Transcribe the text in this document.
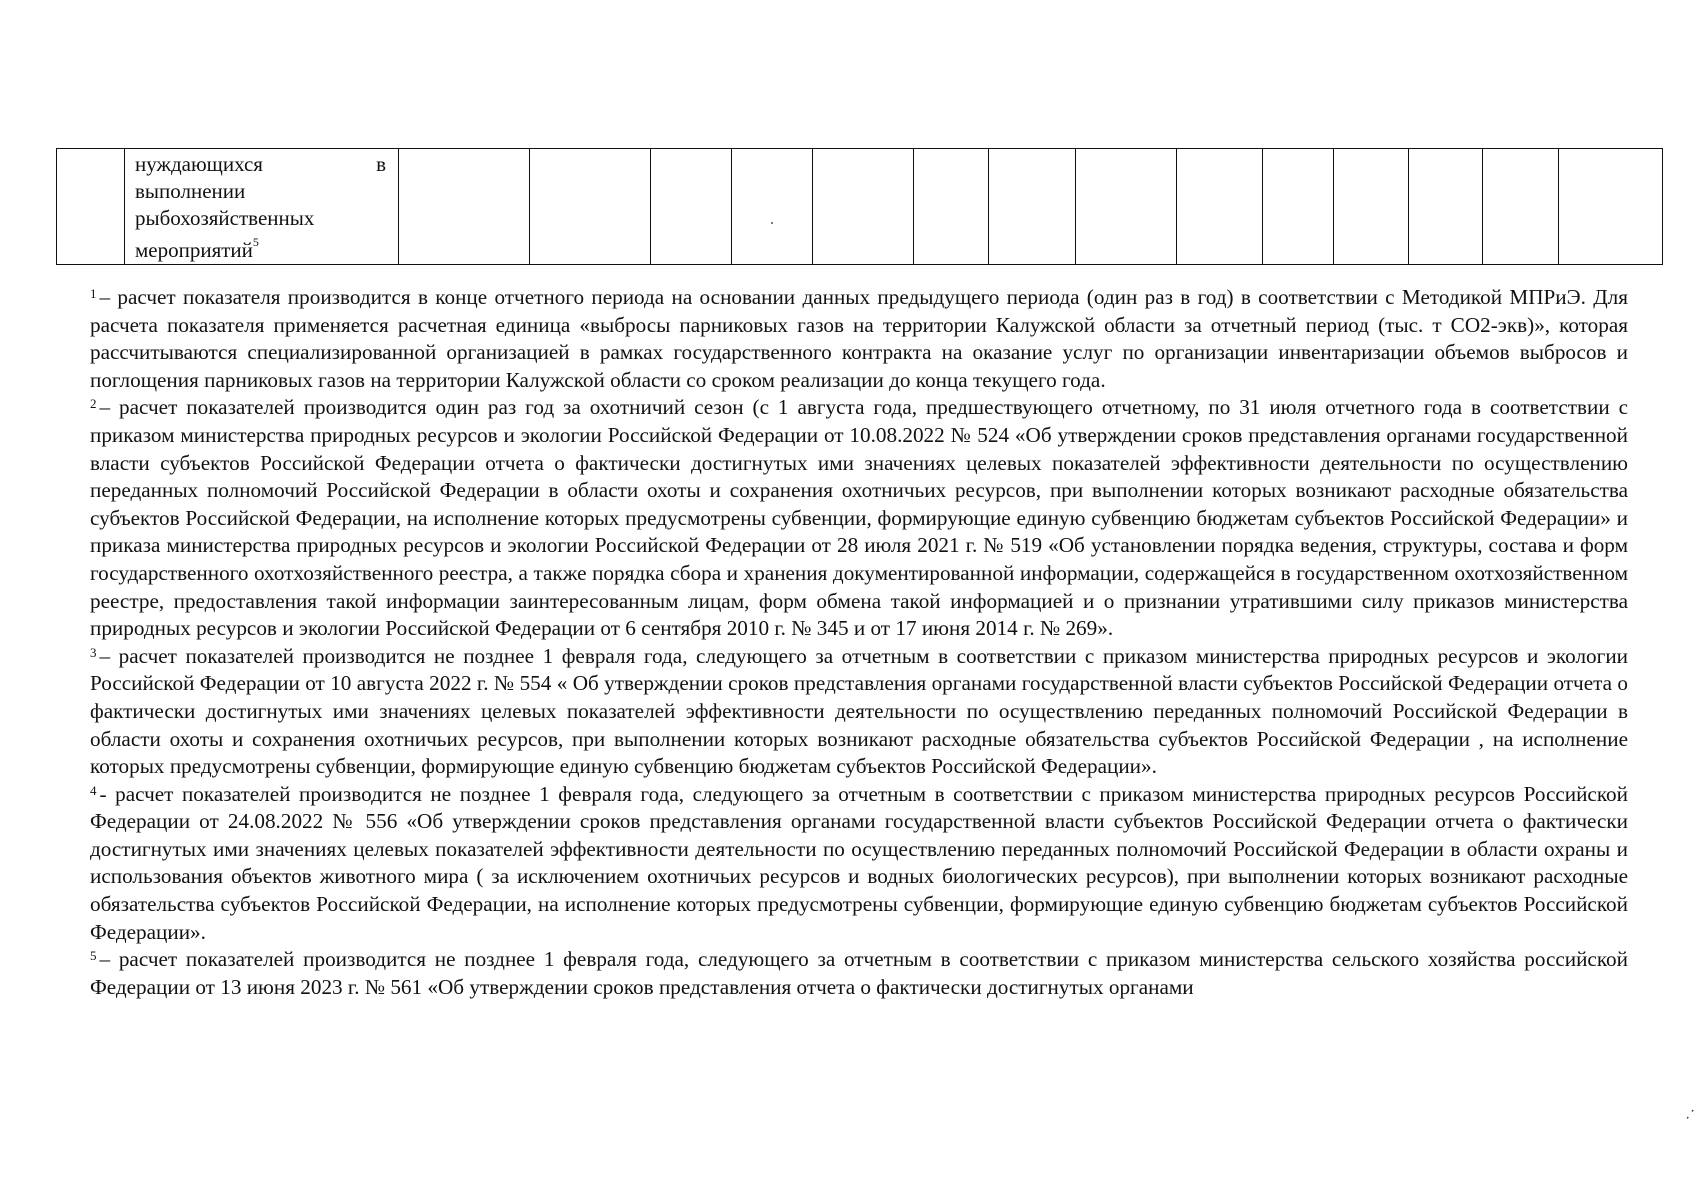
нуждающихся	в
выполнении
рыбохозяйственных
мероприятий$^5$

$^1$ – расчет показателя производится в конце отчетного периода на основании данных предыдущего периода (один раз в год) в соответствии с Методикой МПРиЭ. Для расчета показателя применяется расчетная единица «выбросы парниковых газов на территории Калужской области за отчетный период (тыс. т СО2-экв)», которая рассчитываются специализированной организацией в рамках государственного контракта на оказание услуг по организации инвентаризации объемов выбросов и поглощения парниковых газов на территории Калужской области со сроком реализации до конца текущего года.

$^2$ – расчет показателей производится один раз год за охотничий сезон (с 1 августа года, предшествующего отчетному, по 31 июля отчетного года в соответствии с приказом министерства природных ресурсов и экологии Российской Федерации от 10.08.2022 № 524 «Об утверждении сроков представления органами государственной власти субъектов Российской Федерации отчета о фактически достигнутых ими значениях целевых показателей эффективности деятельности по осуществлению переданных полномочий Российской Федерации в области охоты и сохранения охотничьих ресурсов, при выполнении которых возникают расходные обязательства субъектов Российской Федерации, на исполнение которых предусмотрены субвенции, формирующие единую субвенцию бюджетам субъектов Российской Федерации» и приказа министерства природных ресурсов и экологии Российской Федерации от 28 июля 2021 г. № 519 «Об установлении порядка ведения, структуры, состава и форм государственного охотхозяйственного реестра, а также порядка сбора и хранения документированной информации, содержащейся в государственном охотхозяйственном реестре, предоставления такой информации заинтересованным лицам, форм обмена такой информацией и о признании утратившими силу приказов министерства природных ресурсов и экологии Российской Федерации от 6 сентября 2010 г. № 345 и от 17 июня 2014 г. № 269».

$^3$ – расчет показателей производится не позднее 1 февраля года, следующего за отчетным в соответствии с приказом министерства природных ресурсов и экологии Российской Федерации от 10 августа 2022 г. № 554 « Об утверждении сроков представления органами государственной власти субъектов Российской Федерации отчета о фактически достигнутых ими значениях целевых показателей эффективности деятельности по осуществлению переданных полномочий Российской Федерации в области охоты и сохранения охотничьих ресурсов, при выполнении которых возникают расходные обязательства субъектов Российской Федерации , на исполнение которых предусмотрены субвенции, формирующие единую субвенцию бюджетам субъектов Российской Федерации».

$^4$ - расчет показателей производится не позднее 1 февраля года, следующего за отчетным в соответствии с приказом министерства природных ресурсов Российской Федерации от 24.08.2022 № 556 «Об утверждении сроков представления органами государственной власти субъектов Российской Федерации отчета о фактически достигнутых ими значениях целевых показателей эффективности деятельности по осуществлению переданных полномочий Российской Федерации в области охраны и использования объектов животного мира ( за исключением охотничьих ресурсов и водных биологических ресурсов), при выполнении которых возникают расходные обязательства субъектов Российской Федерации, на исполнение которых предусмотрены субвенции, формирующие единую субвенцию бюджетам субъектов Российской Федерации».

$^5$ – расчет показателей производится не позднее 1 февраля года, следующего за отчетным в соответствии с приказом министерства сельского хозяйства российской Федерации от 13 июня 2023 г. № 561 «Об утверждении сроков представления отчета о фактически достигнутых органами

⁚
